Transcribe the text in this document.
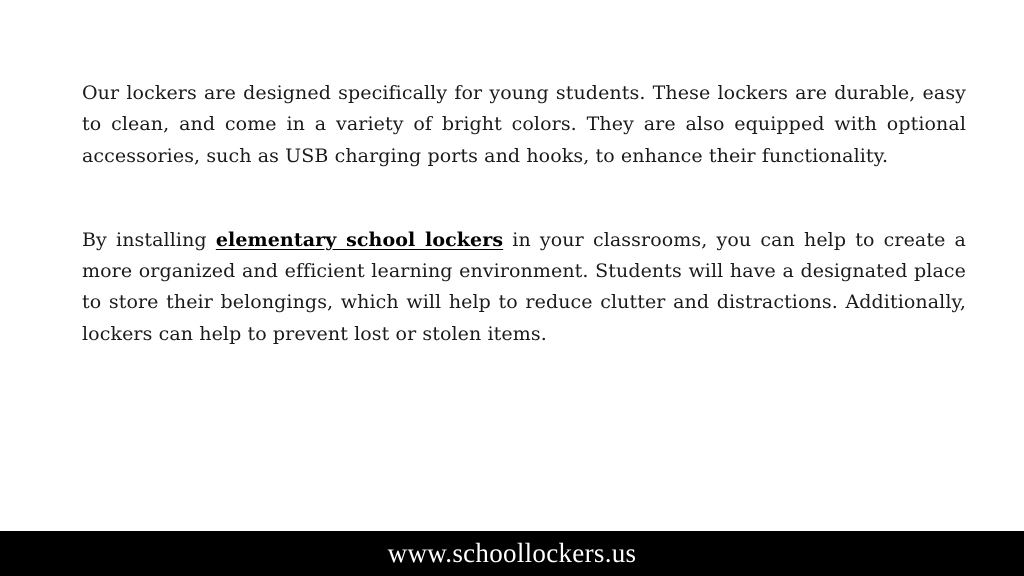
Our lockers are designed specifically for young students. These lockers are durable, easy to clean, and come in a variety of bright colors. They are also equipped with optional accessories, such as USB charging ports and hooks, to enhance their functionality.

By installing elementary school lockers in your classrooms, you can help to create a more organized and efficient learning environment. Students will have a designated place to store their belongings, which will help to reduce clutter and distractions. Additionally, lockers can help to prevent lost or stolen items.

www.schoollockers.us
